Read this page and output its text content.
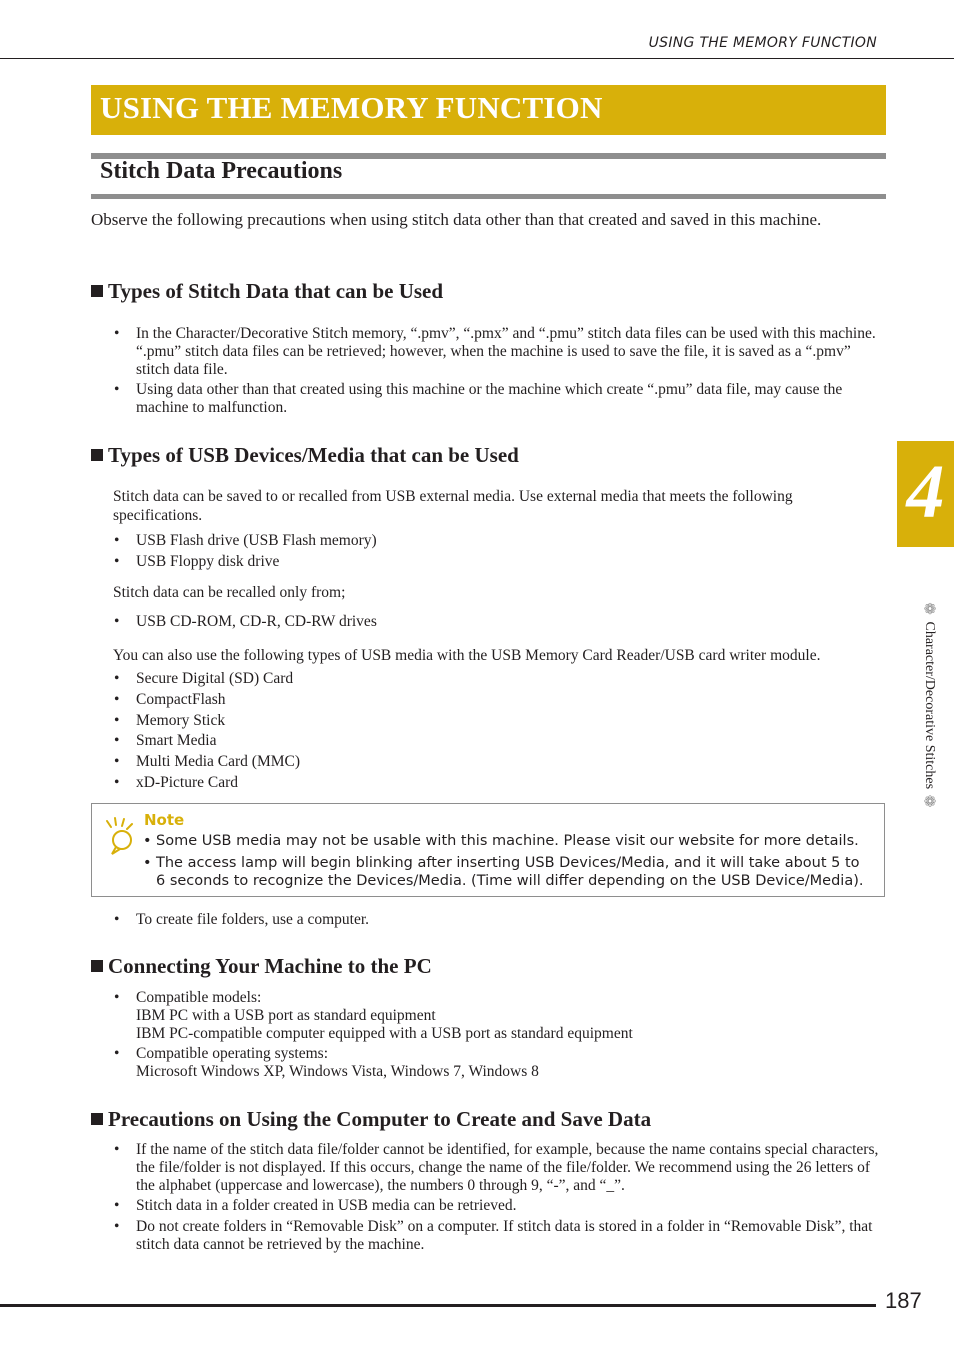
USING THE MEMORY FUNCTION
USING THE MEMORY FUNCTION
Stitch Data Precautions

Observe the following precautions when using stitch data other than that created and saved in this machine.

Types of Stitch Data that can be Used
• In the Character/Decorative Stitch memory, “.pmv”, “.pmx” and “.pmu” stitch data files can be used with this machine. “.pmu” stitch data files can be retrieved; however, when the machine is used to save the file, it is saved as a “.pmv” stitch data file.
• Using data other than that created using this machine or the machine which create “.pmu” data file, may cause the machine to malfunction.
Types of USB Devices/Media that can be Used

Stitch data can be saved to or recalled from USB external media. Use external media that meets the following specifications.

• USB Flash drive (USB Flash memory)
• USB Floppy disk drive

Stitch data can be recalled only from;

• USB CD-ROM, CD-R, CD-RW drives

You can also use the following types of USB media with the USB Memory Card Reader/USB card writer module.

• Secure Digital (SD) Card
• CompactFlash
• Memory Stick
• Smart Media
• Multi Media Card (MMC)
• xD-Picture Card
Note
• Some USB media may not be usable with this machine. Please visit our website for more details.
• The access lamp will begin blinking after inserting USB Devices/Media, and it will take about 5 to 6 seconds to recognize the Devices/Media. (Time will differ depending on the USB Device/Media).
• To create file folders, use a computer.
Connecting Your Machine to the PC
• Compatible models:
IBM PC with a USB port as standard equipment
IBM PC-compatible computer equipped with a USB port as standard equipment
• Compatible operating systems:
Microsoft Windows XP, Windows Vista, Windows 7, Windows 8
Precautions on Using the Computer to Create and Save Data
• If the name of the stitch data file/folder cannot be identified, for example, because the name contains special characters, the file/folder is not displayed. If this occurs, change the name of the file/folder. We recommend using the 26 letters of the alphabet (uppercase and lowercase), the numbers 0 through 9, “-”, and “_”.
• Stitch data in a folder created in USB media can be retrieved.
• Do not create folders in “Removable Disk” on a computer. If stitch data is stored in a folder in “Removable Disk”, that stitch data cannot be retrieved by the machine.
4
❁ Character/Decorative Stitches ❁
187
